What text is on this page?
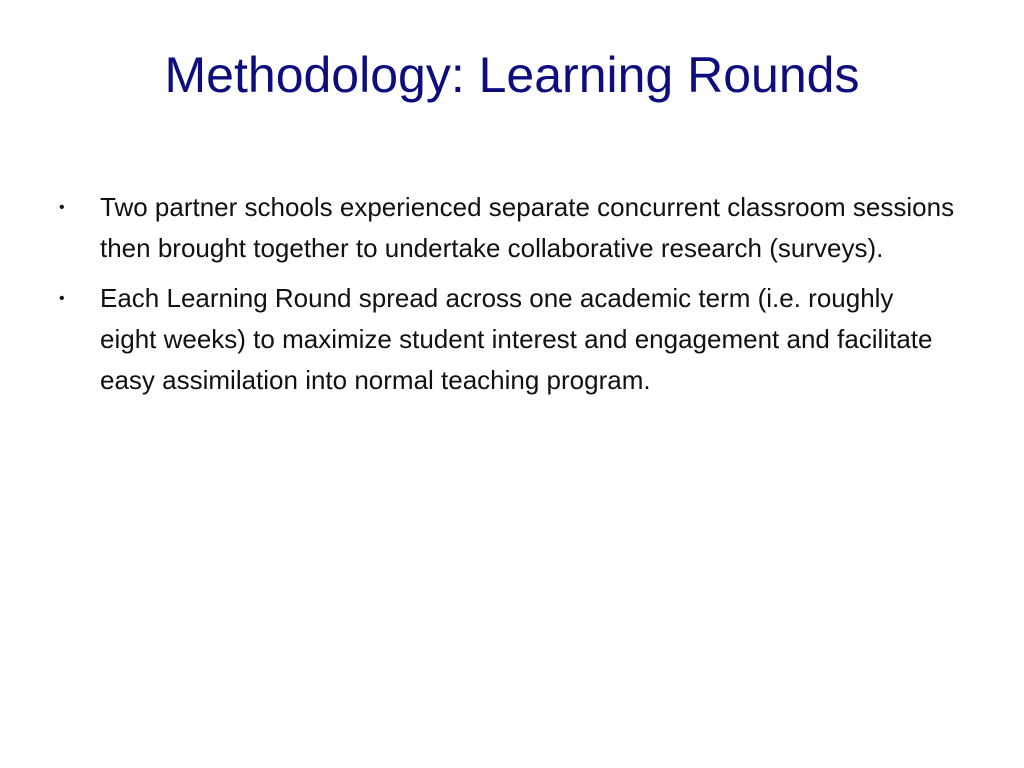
Methodology: Learning Rounds
• Two partner schools experienced separate concurrent classroom sessions then brought together to undertake collaborative research (surveys).
• Each Learning Round spread across one academic term (i.e. roughly eight weeks) to maximize student interest and engagement and facilitate easy assimilation into normal teaching program.
